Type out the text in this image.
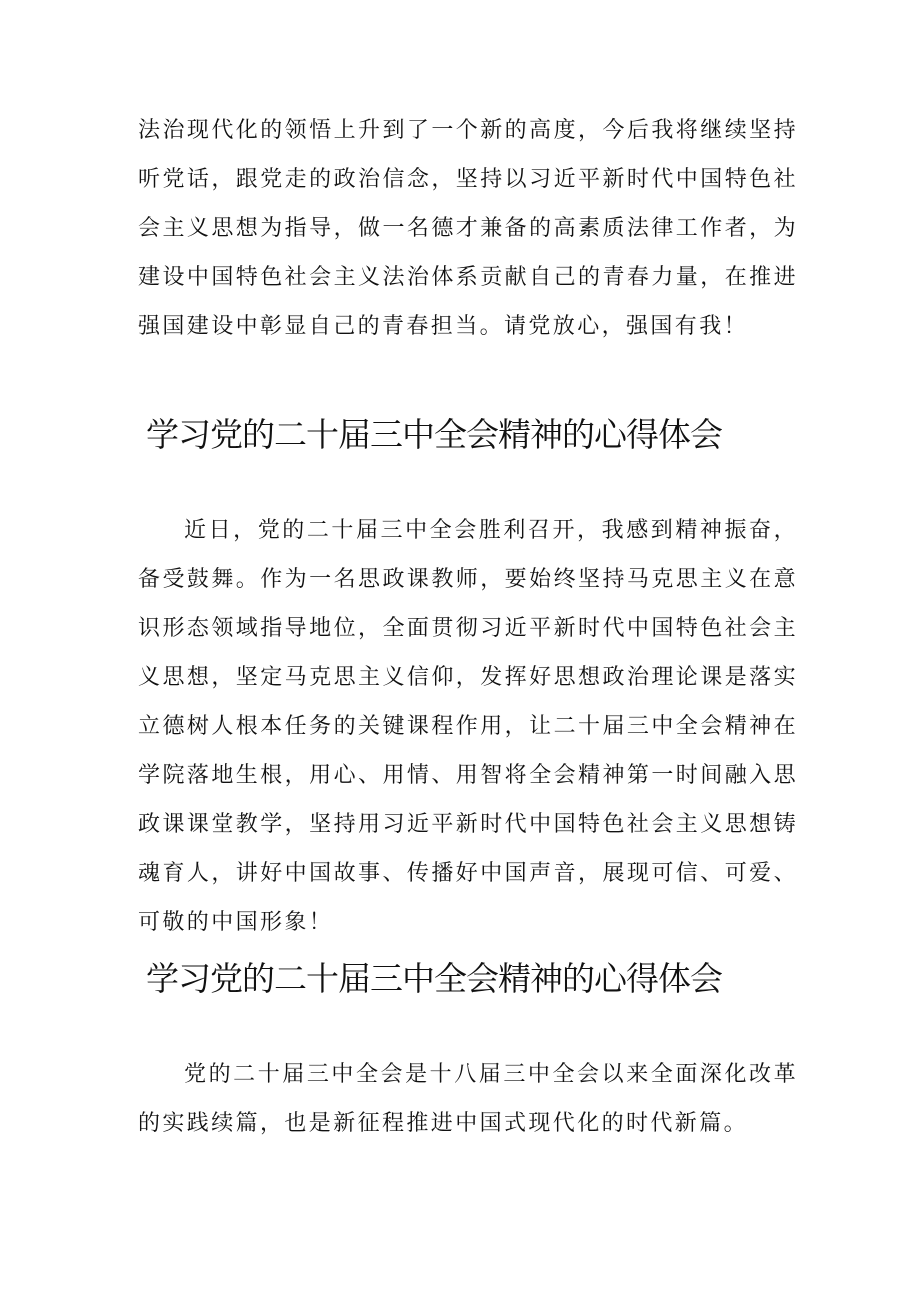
法治现代化的领悟上升到了一个新的高度，今后我将继续坚持听党话，跟党走的政治信念，坚持以习近平新时代中国特色社会主义思想为指导，做一名德才兼备的高素质法律工作者，为建设中国特色社会主义法治体系贡献自己的青春力量，在推进强国建设中彰显自己的青春担当。请党放心，强国有我！

学习党的二十届三中全会精神的心得体会

近日，党的二十届三中全会胜利召开，我感到精神振奋，备受鼓舞。作为一名思政课教师，要始终坚持马克思主义在意识形态领域指导地位，全面贯彻习近平新时代中国特色社会主义思想，坚定马克思主义信仰，发挥好思想政治理论课是落实立德树人根本任务的关键课程作用，让二十届三中全会精神在学院落地生根，用心、用情、用智将全会精神第一时间融入思政课课堂教学，坚持用习近平新时代中国特色社会主义思想铸魂育人，讲好中国故事、传播好中国声音，展现可信、可爱、可敬的中国形象！

学习党的二十届三中全会精神的心得体会

党的二十届三中全会是十八届三中全会以来全面深化改革的实践续篇，也是新征程推进中国式现代化的时代新篇。
